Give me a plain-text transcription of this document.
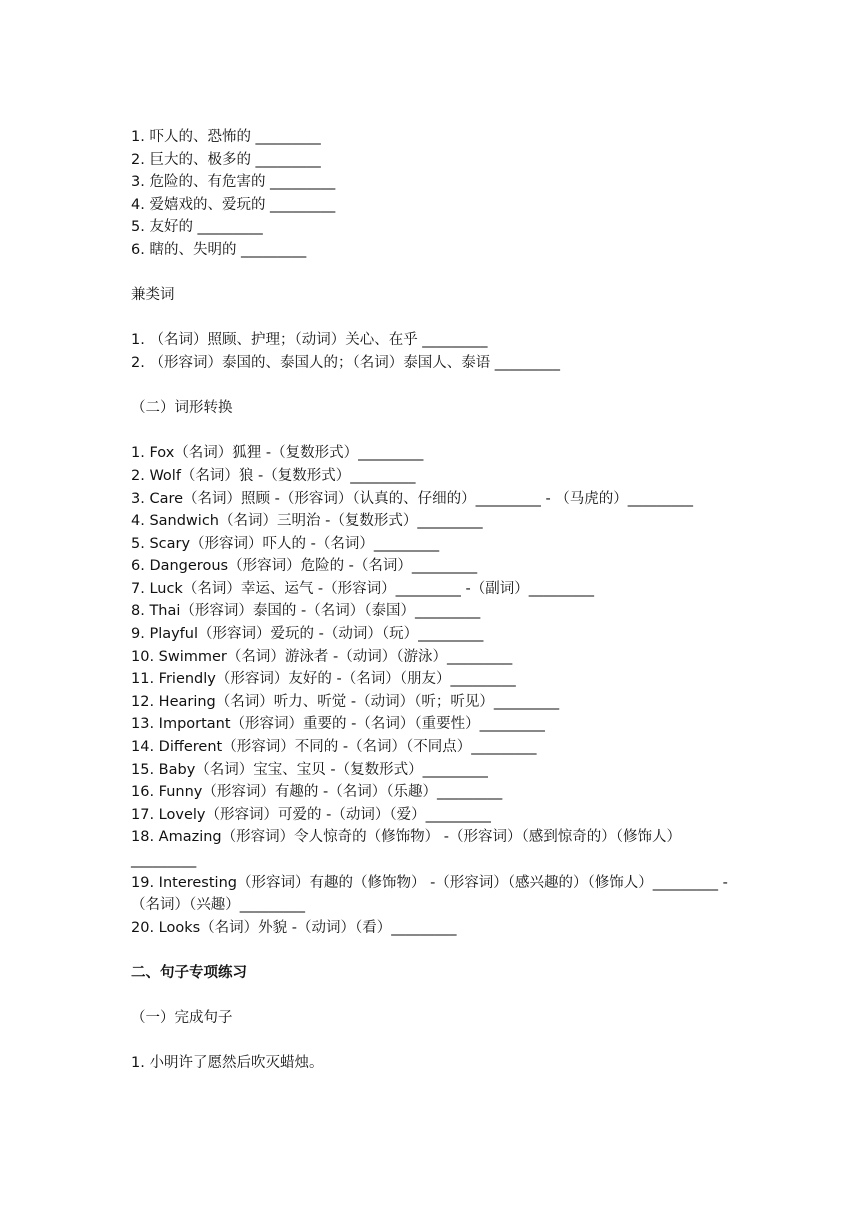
1. 吓人的、恐怖的 _________

2. 巨大的、极多的 _________

3. 危险的、有危害的 _________

4. 爱嬉戏的、爱玩的 _________

5. 友好的 _________

6. 瞎的、失明的 _________

兼类词

1. （名词）照顾、护理；（动词）关心、在乎 _________

2. （形容词）泰国的、泰国人的；（名词）泰国人、泰语 _________

（二）词形转换

1. Fox（名词）狐狸 -（复数形式）_________

2. Wolf（名词）狼 -（复数形式）_________

3. Care（名词）照顾 -（形容词）（认真的、仔细的）_________ - （马虎的）_________

4. Sandwich（名词）三明治 -（复数形式）_________

5. Scary（形容词）吓人的 -（名词）_________

6. Dangerous（形容词）危险的 -（名词）_________

7. Luck（名词）幸运、运气 -（形容词）_________ -（副词）_________

8. Thai（形容词）泰国的 -（名词）（泰国）_________

9. Playful（形容词）爱玩的 -（动词）（玩）_________

10. Swimmer（名词）游泳者 -（动词）（游泳）_________

11. Friendly（形容词）友好的 -（名词）（朋友）_________

12. Hearing（名词）听力、听觉 -（动词）（听；听见）_________

13. Important（形容词）重要的 -（名词）（重要性）_________

14. Different（形容词）不同的 -（名词）（不同点）_________

15. Baby（名词）宝宝、宝贝 -（复数形式）_________

16. Funny（形容词）有趣的 -（名词）（乐趣）_________

17. Lovely（形容词）可爱的 -（动词）（爱）_________

18. Amazing（形容词）令人惊奇的（修饰物） -（形容词）（感到惊奇的）（修饰人）_________

19. Interesting（形容词）有趣的（修饰物） -（形容词）（感兴趣的）（修饰人）_________ -（名词）（兴趣）_________

20. Looks（名词）外貌 -（动词）（看）_________

二、句子专项练习

（一）完成句子

1. 小明许了愿然后吹灭蜡烛。
